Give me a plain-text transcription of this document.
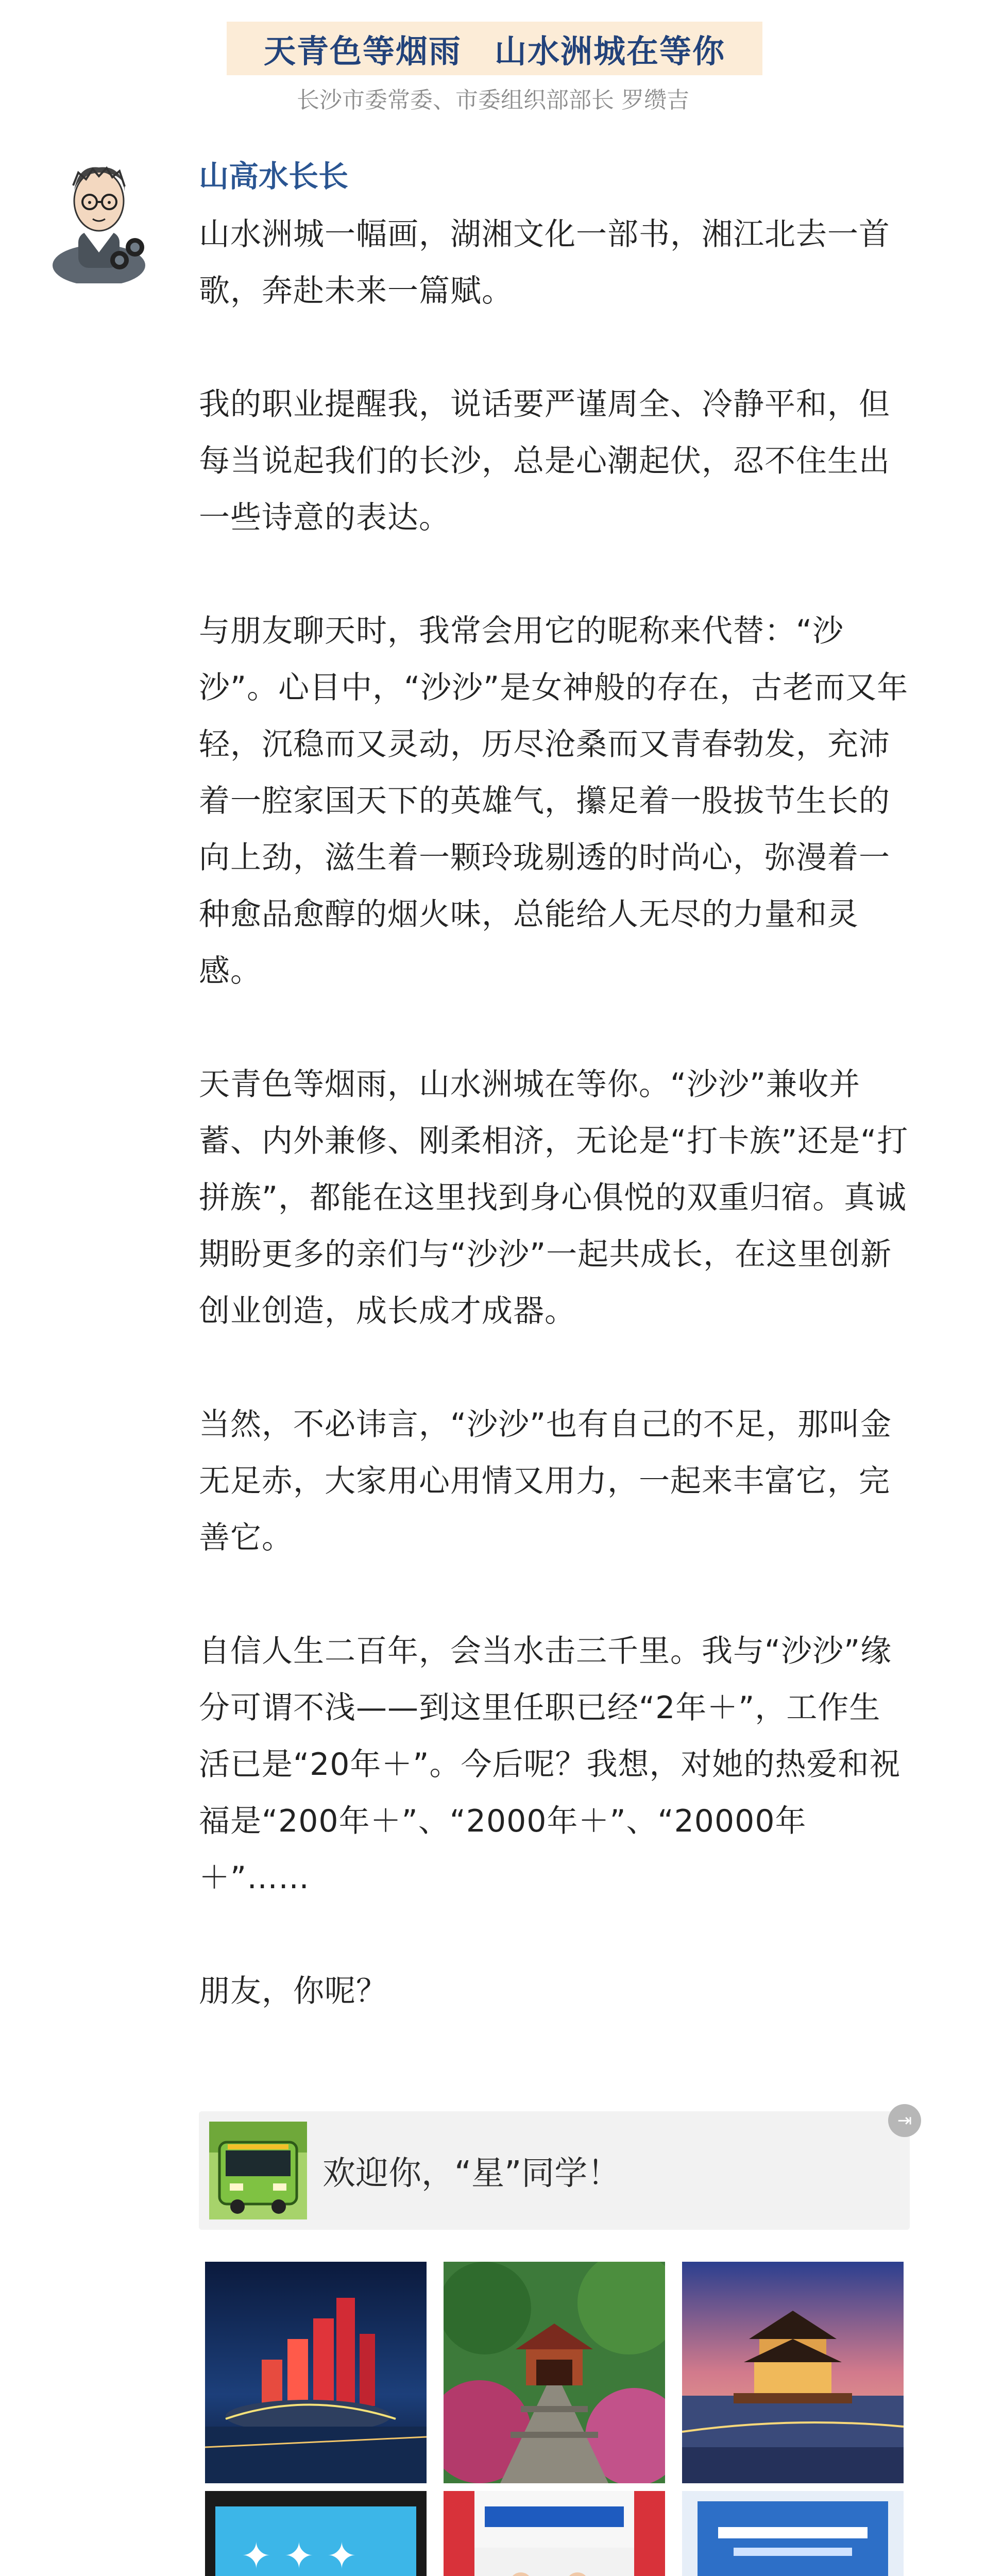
天青色等烟雨　山水洲城在等你
长沙市委常委、市委组织部部长 罗缵吉
山高水长长

山水洲城一幅画，湖湘文化一部书，湘江北去一首歌，奔赴未来一篇赋。

我的职业提醒我，说话要严谨周全、冷静平和，但每当说起我们的长沙，总是心潮起伏，忍不住生出一些诗意的表达。

与朋友聊天时，我常会用它的昵称来代替：“沙沙”。心目中，“沙沙”是女神般的存在，古老而又年轻，沉稳而又灵动，历尽沧桑而又青春勃发，充沛着一腔家国天下的英雄气，攥足着一股拔节生长的向上劲，滋生着一颗玲珑剔透的时尚心，弥漫着一种愈品愈醇的烟火味，总能给人无尽的力量和灵感。

天青色等烟雨，山水洲城在等你。“沙沙”兼收并蓄、内外兼修、刚柔相济，无论是“打卡族”还是“打拼族”，都能在这里找到身心俱悦的双重归宿。真诚期盼更多的亲们与“沙沙”一起共成长，在这里创新创业创造，成长成才成器。

当然，不必讳言，“沙沙”也有自己的不足，那叫金无足赤，大家用心用情又用力，一起来丰富它，完善它。

自信人生二百年，会当水击三千里。我与“沙沙”缘分可谓不浅——到这里任职已经“2年＋”，工作生活已是“20年＋”。今后呢？我想，对她的热爱和祝福是“200年＋”、“2000年＋”、“20000年＋”……

朋友，你呢？

欢迎你，“星”同学！
⇥
✦ ✦ ✦
